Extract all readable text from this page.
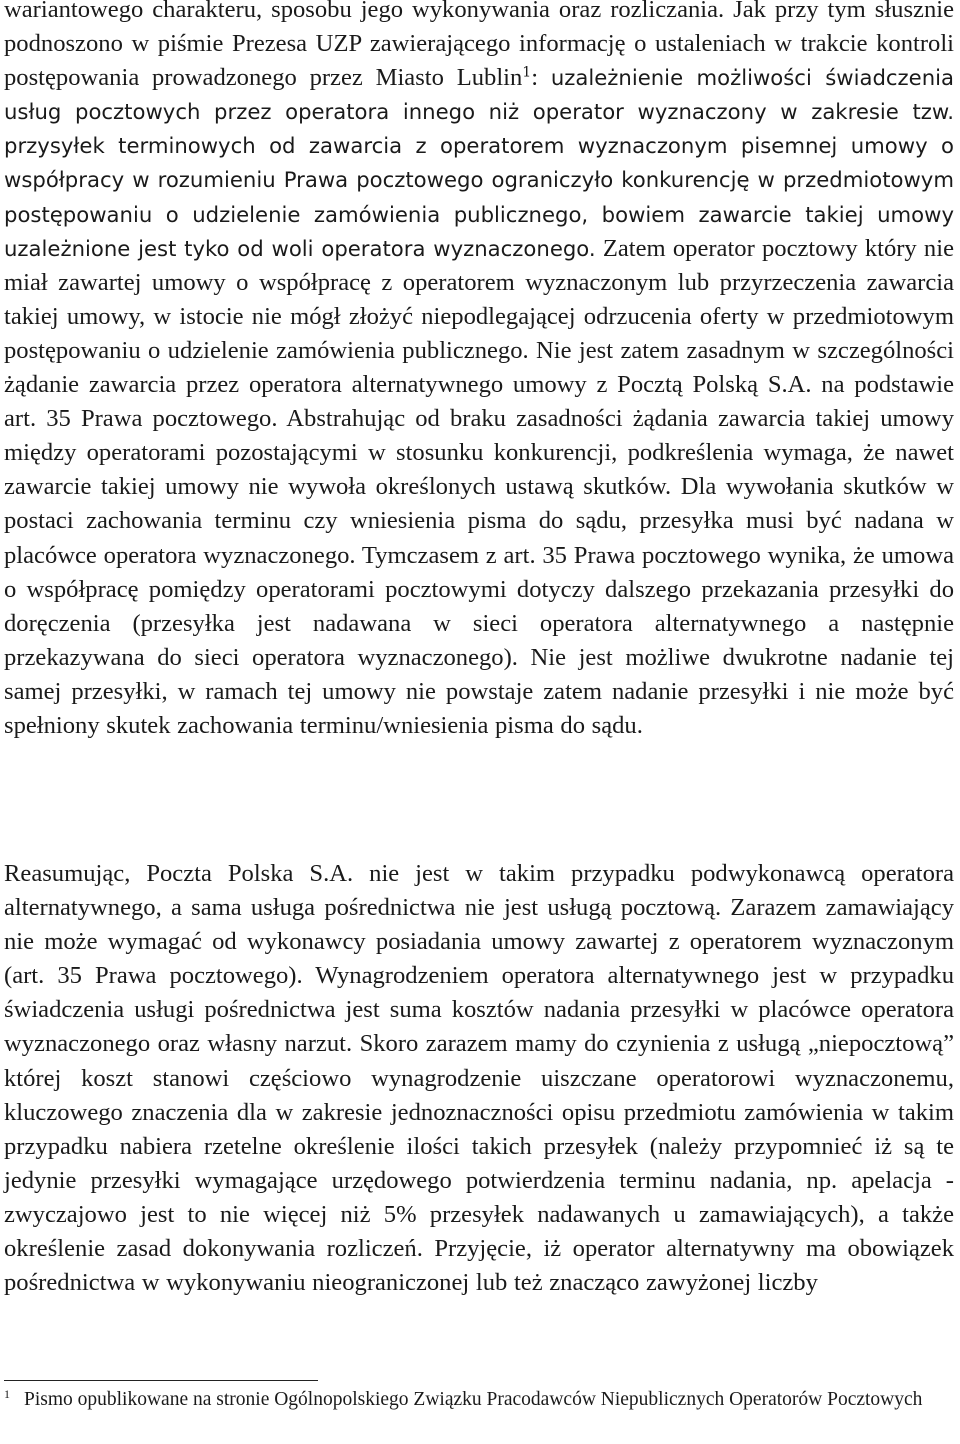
wariantowego charakteru, sposobu jego wykonywania oraz rozliczania. Jak przy tym słusznie podnoszono w piśmie Prezesa UZP zawierającego informację o ustaleniach w trakcie kontroli postępowania prowadzonego przez Miasto Lublin$^1$: uzależnienie możliwości świadczenia usług pocztowych przez operatora innego niż operator wyznaczony w zakresie tzw. przysyłek terminowych od zawarcia z operatorem wyznaczonym pisemnej umowy o współpracy w rozumieniu Prawa pocztowego ograniczyło konkurencję w przedmiotowym postępowaniu o udzielenie zamówienia publicznego, bowiem zawarcie takiej umowy uzależnione jest tyko od woli operatora wyznaczonego. Zatem operator pocztowy który nie miał zawartej umowy o współpracę z operatorem wyznaczonym lub przyrzeczenia zawarcia takiej umowy, w istocie nie mógł złożyć niepodlegającej odrzucenia oferty w przedmiotowym postępowaniu o udzielenie zamówienia publicznego. Nie jest zatem zasadnym w szczególności żądanie zawarcia przez operatora alternatywnego umowy z Pocztą Polską S.A. na podstawie art. 35 Prawa pocztowego. Abstrahując od braku zasadności żądania zawarcia takiej umowy między operatorami pozostającymi w stosunku konkurencji, podkreślenia wymaga, że nawet zawarcie takiej umowy nie wywoła określonych ustawą skutków. Dla wywołania skutków w postaci zachowania terminu czy wniesienia pisma do sądu, przesyłka musi być nadana w placówce operatora wyznaczonego. Tymczasem z art. 35 Prawa pocztowego wynika, że umowa o współpracę pomiędzy operatorami pocztowymi dotyczy dalszego przekazania przesyłki do doręczenia (przesyłka jest nadawana w sieci operatora alternatywnego a następnie przekazywana do sieci operatora wyznaczonego). Nie jest możliwe dwukrotne nadanie tej samej przesyłki, w ramach tej umowy nie powstaje zatem nadanie przesyłki i nie może być spełniony skutek zachowania terminu/wniesienia pisma do sądu.

Reasumując, Poczta Polska S.A. nie jest w takim przypadku podwykonawcą operatora alternatywnego, a sama usługa pośrednictwa nie jest usługą pocztową. Zarazem zamawiający nie może wymagać od wykonawcy posiadania umowy zawartej z operatorem wyznaczonym (art. 35 Prawa pocztowego). Wynagrodzeniem operatora alternatywnego jest w przypadku świadczenia usługi pośrednictwa jest suma kosztów nadania przesyłki w placówce operatora wyznaczonego oraz własny narzut. Skoro zarazem mamy do czynienia z usługą „niepocztową” której koszt stanowi częściowo wynagrodzenie uiszczane operatorowi wyznaczonemu, kluczowego znaczenia dla w zakresie jednoznaczności opisu przedmiotu zamówienia w takim przypadku nabiera rzetelne określenie ilości takich przesyłek (należy przypomnieć iż są te jedynie przesyłki wymagające urzędowego potwierdzenia terminu nadania, np. apelacja - zwyczajowo jest to nie więcej niż 5% przesyłek nadawanych u zamawiających), a także określenie zasad dokonywania rozliczeń. Przyjęcie, iż operator alternatywny ma obowiązek pośrednictwa w wykonywaniu nieograniczonej lub też znacząco zawyżonej liczby

$^1$ Pismo opublikowane na stronie Ogólnopolskiego Związku Pracodawców Niepublicznych Operatorów Pocztowych
